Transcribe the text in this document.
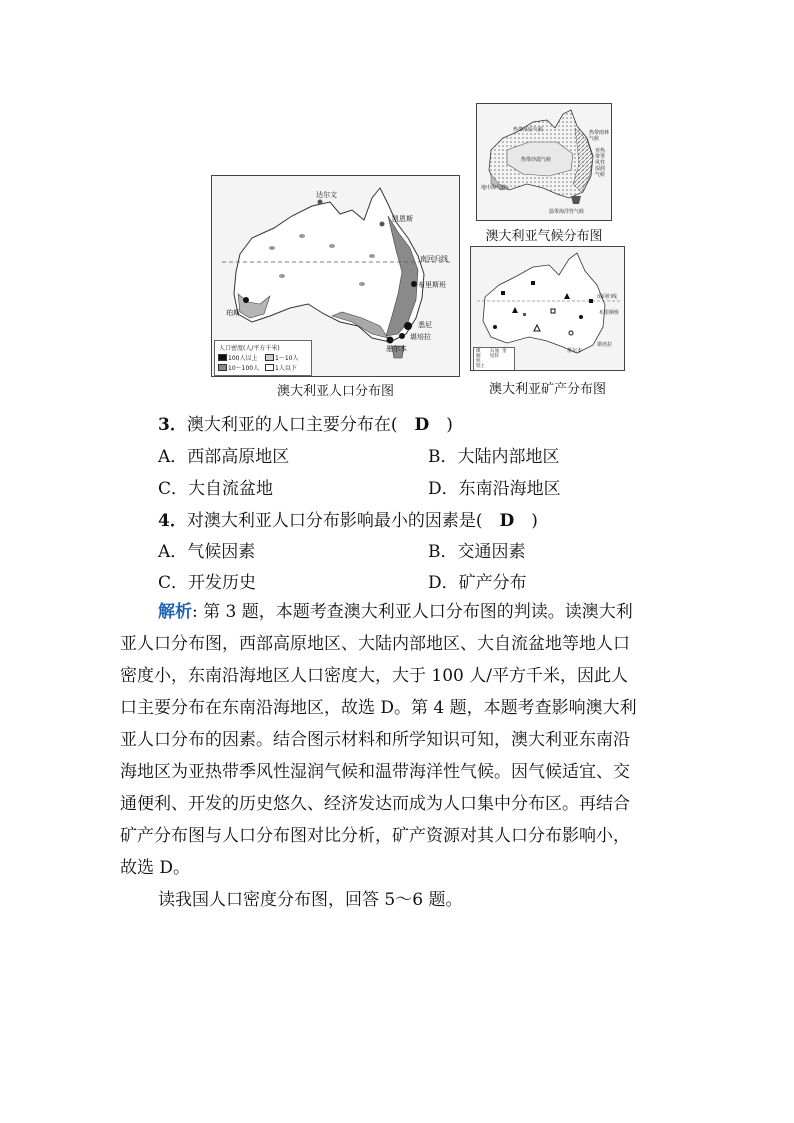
达尔文
凯恩斯
南回归线
布里斯班
珀斯
悉尼
堪培拉
墨尔本
人口密度(人/平方千米)
100人以上	1～10人
10～100人	1人以下
澳大利亚人口分布图
热带草原气候	热带雨林气候
亚热带季风性湿润气候
热带沙漠气候
地中海气候
温带海洋性气候
澳大利亚气候分布图
南回归线
布里斯班
堪培拉
墨尔本
煤 石油
铜 铅锌
铁
金
铝土
澳大利亚矿产分布图
3．澳大利亚的人口主要分布在(　 D　 )
A．西部高原地区	B．大陆内部地区
C．大自流盆地	D．东南沿海地区
4．对澳大利亚人口分布影响最小的因素是(　 D　 )
A．气候因素	B．交通因素
C．开发历史	D．矿产分布
解析: 第 3 题，本题考查澳大利亚人口分布图的判读。读澳大利
亚人口分布图，西部高原地区、大陆内部地区、大自流盆地等地人口
密度小，东南沿海地区人口密度大，大于 100 人/平方千米，因此人
口主要分布在东南沿海地区，故选 D。第 4 题，本题考查影响澳大利
亚人口分布的因素。结合图示材料和所学知识可知，澳大利亚东南沿
海地区为亚热带季风性湿润气候和温带海洋性气候。因气候适宜、交
通便利、开发的历史悠久、经济发达而成为人口集中分布区。再结合
矿产分布图与人口分布图对比分析，矿产资源对其人口分布影响小，
故选 D。
读我国人口密度分布图，回答 5～6 题。
